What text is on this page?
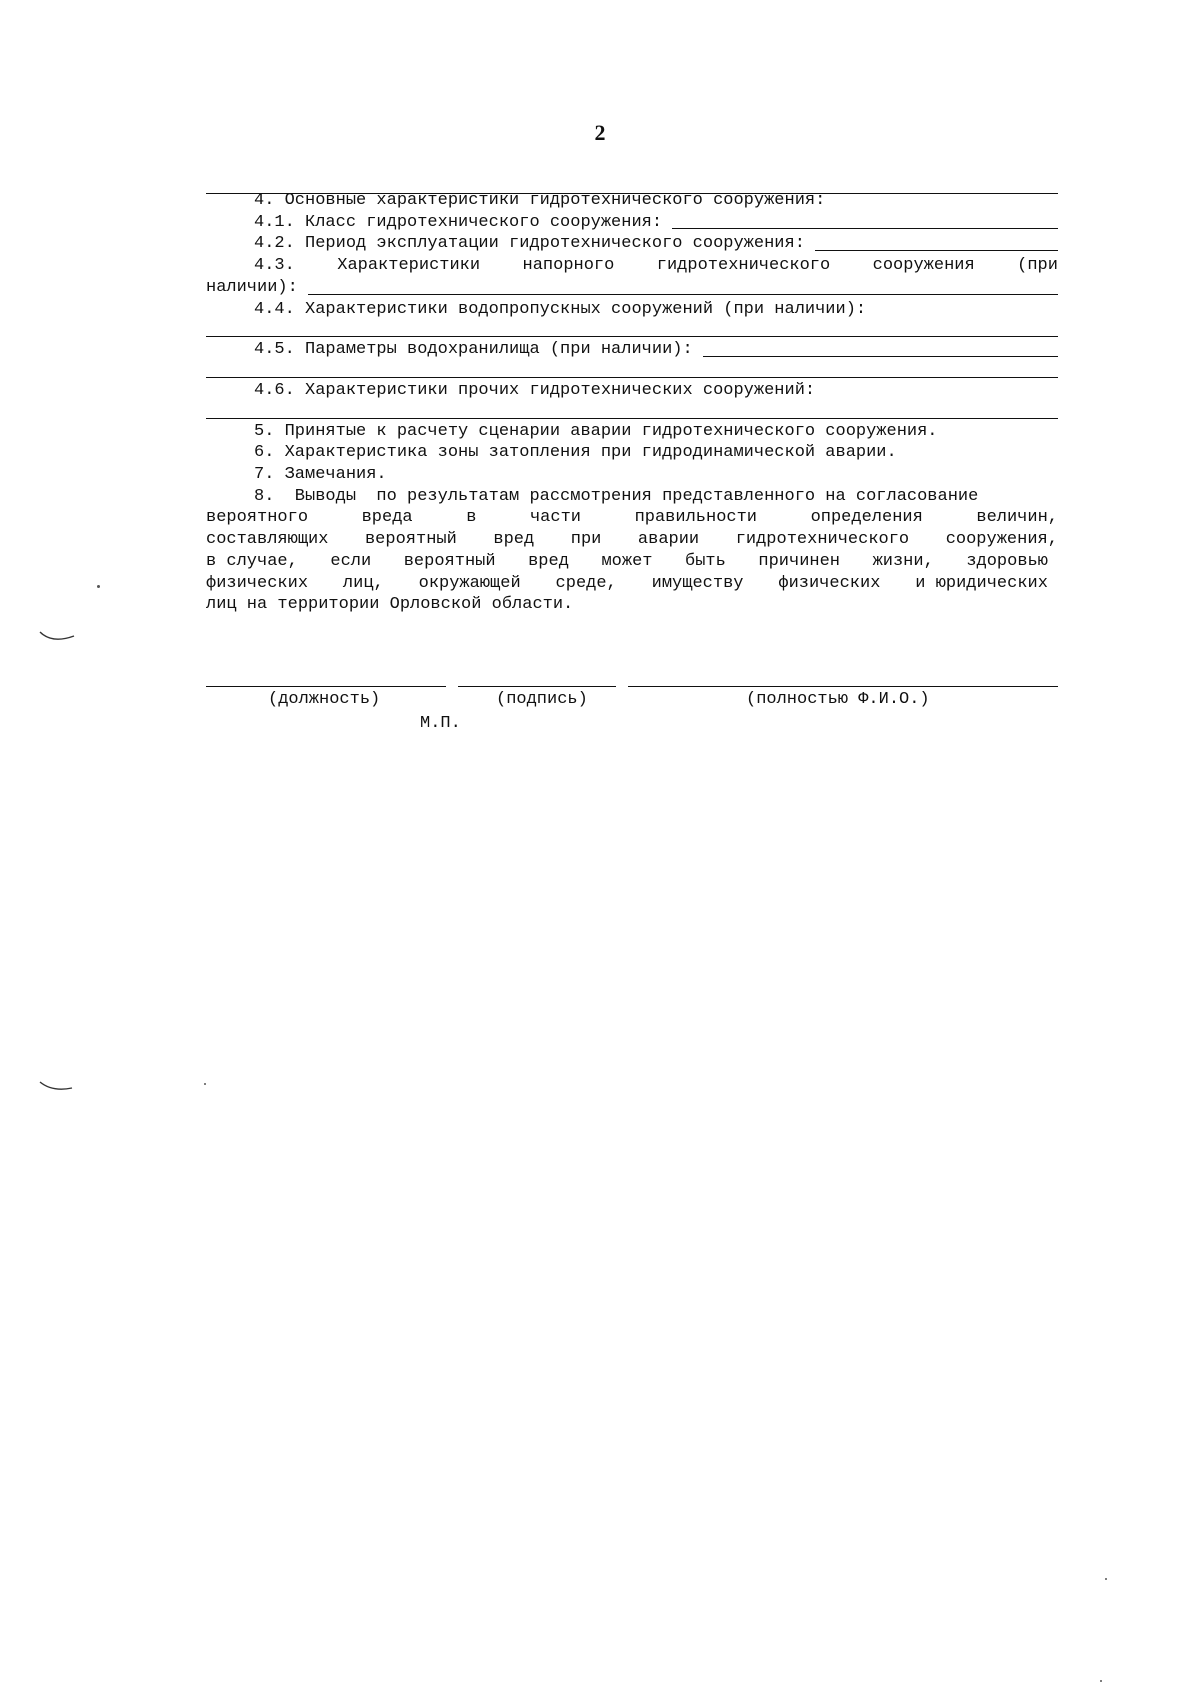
2
4. Основные характеристики гидротехнического сооружения:
4.1. Класс гидротехнического сооружения:
4.2. Период эксплуатации гидротехнического сооружения:
4.3. Характеристики напорного гидротехнического сооружения (при
наличии):
4.4. Характеристики водопропускных сооружений (при наличии):
4.5. Параметры водохранилища (при наличии):
4.6. Характеристики прочих гидротехнических сооружений:
5. Принятые к расчету сценарии аварии гидротехнического сооружения.
6. Характеристика зоны затопления при гидродинамической аварии.
7. Замечания.
8.  Выводы  по результатам рассмотрения представленного на согласование
вероятного	вреда	в	части	правильности	определения	величин,
составляющих вероятный вред при аварии гидротехнического сооружения,
в случае, если вероятный вред может быть причинен жизни, здоровью
физических лиц, окружающей среде, имуществу физических и юридических
лиц на территории Орловской области.
(должность)	(подпись)	(полностью Ф.И.О.)
М.П.
